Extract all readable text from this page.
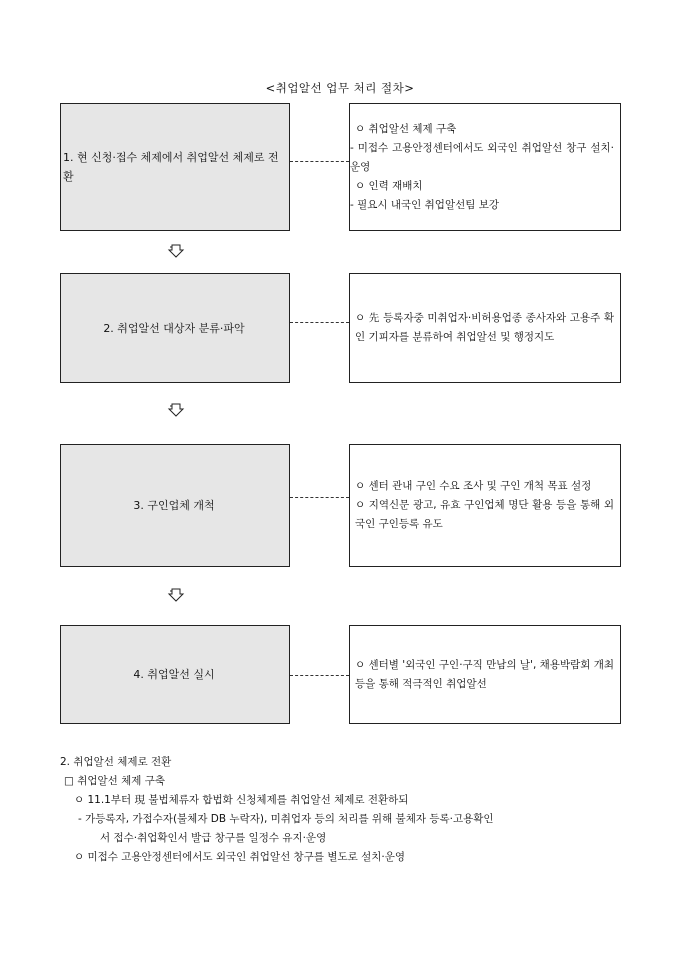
<취업알선 업무 처리 절차>
1. 현 신청·접수 체제에서 취업알선 체제로 전환
ㅇ 취업알선 체제 구축
- 미접수 고용안정센터에서도 외국인 취업알선 창구 설치·운영
ㅇ 인력 재배치
- 필요시 내국인 취업알선팀 보강
2. 취업알선 대상자 분류·파악
ㅇ 先 등록자중 미취업자·비허용업종 종사자와 고용주 확인 기피자를 분류하여 취업알선 및 행정지도
3. 구인업체 개척
ㅇ 센터 관내 구인 수요 조사 및 구인 개척 목표 설정
ㅇ 지역신문 광고, 유효 구인업체 명단 활용 등을 통해 외국인 구인등록 유도
4. 취업알선 실시
ㅇ 센터별 '외국인 구인·구직 만남의 날', 채용박람회 개최 등을 통해 적극적인 취업알선
2. 취업알선 체제로 전환
□ 취업알선 체제 구축
ㅇ 11.1부터 現 불법체류자 합법화 신청체제를 취업알선 체제로 전환하되
- 가등록자, 가접수자(불체자 DB 누락자), 미취업자 등의 처리를 위해 불체자 등록·고용확인
서 접수·취업확인서 발급 창구를 일정수 유지·운영
ㅇ 미접수 고용안정센터에서도 외국인 취업알선 창구를 별도로 설치·운영
